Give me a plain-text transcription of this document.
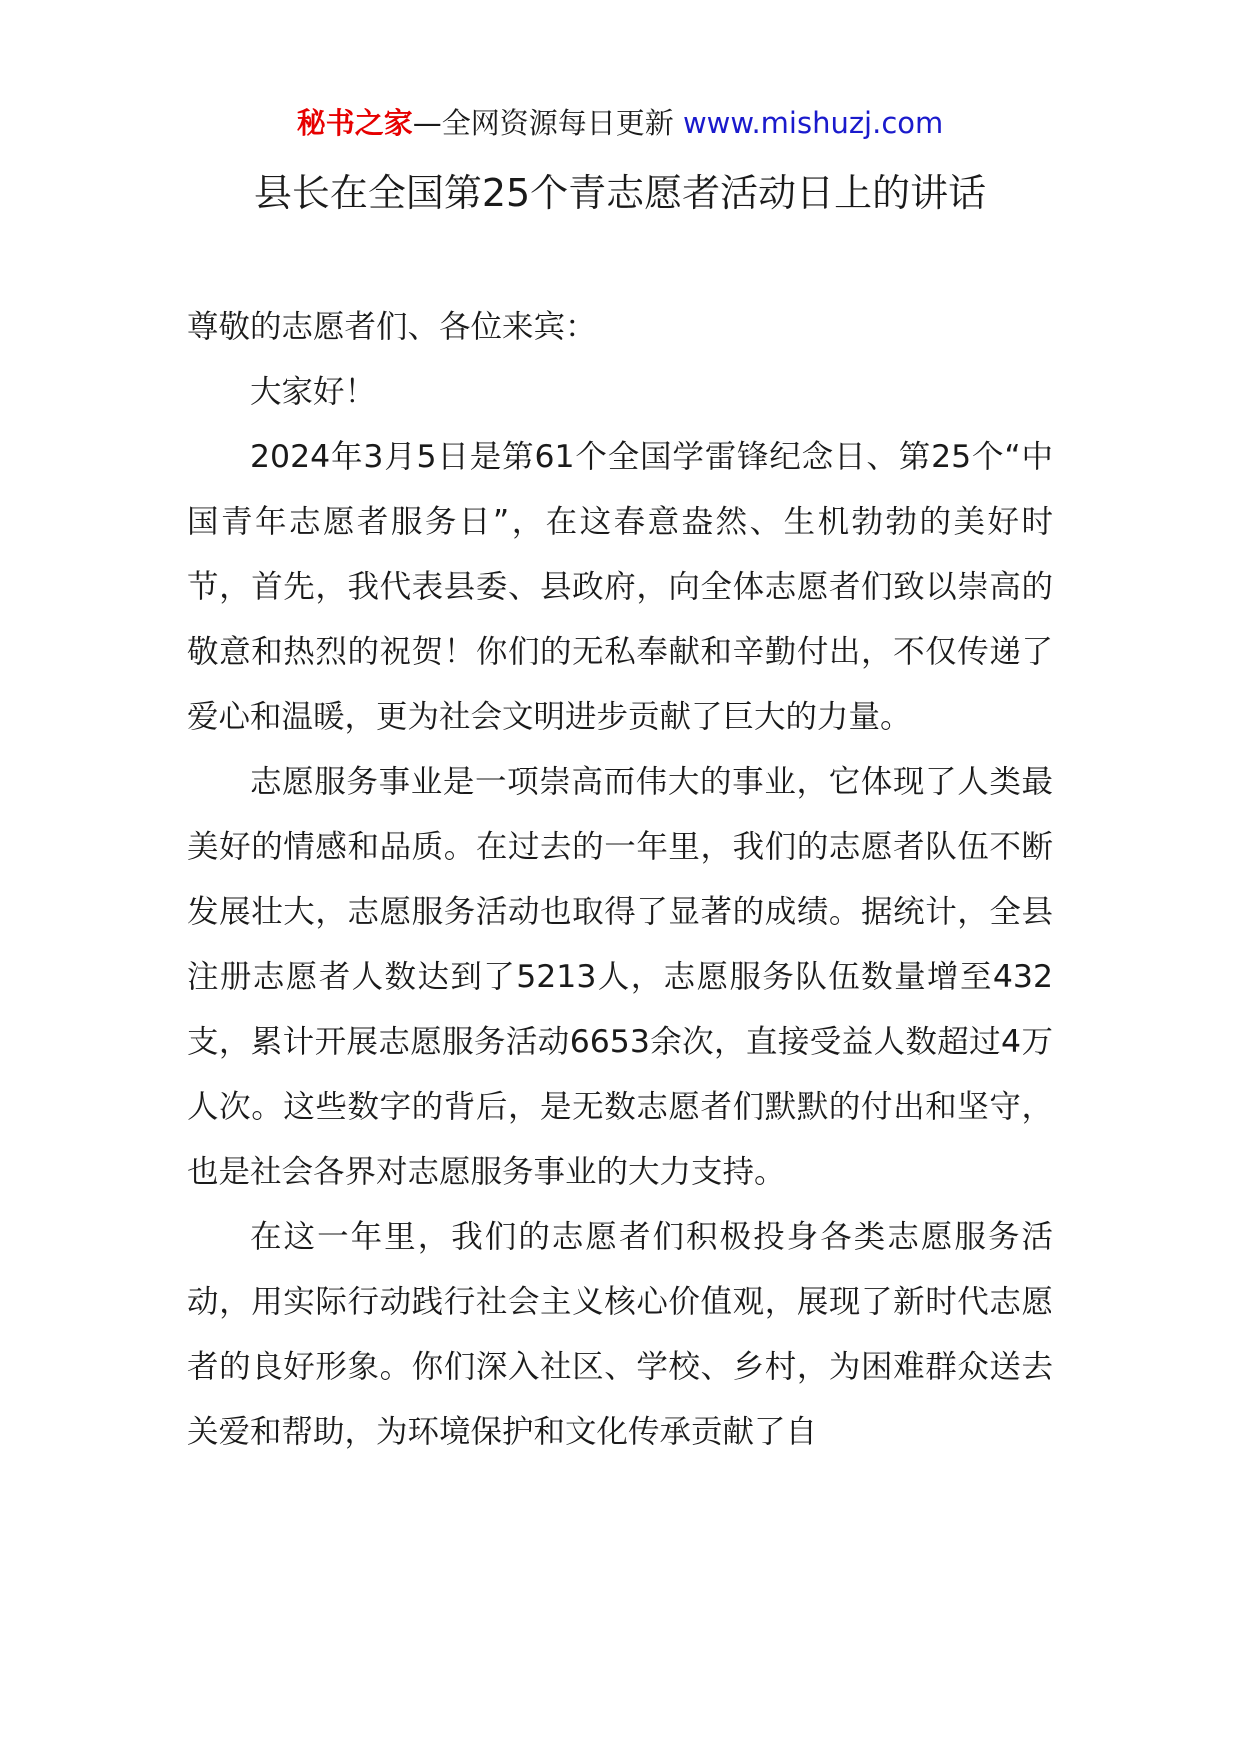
秘书之家—全网资源每日更新 www.mishuzj.com
县长在全国第25个青志愿者活动日上的讲话

尊敬的志愿者们、各位来宾：

大家好！

2024年3月5日是第61个全国学雷锋纪念日、第25个“中国青年志愿者服务日”，在这春意盎然、生机勃勃的美好时节，首先，我代表县委、县政府，向全体志愿者们致以崇高的敬意和热烈的祝贺！你们的无私奉献和辛勤付出，不仅传递了爱心和温暖，更为社会文明进步贡献了巨大的力量。

志愿服务事业是一项崇高而伟大的事业，它体现了人类最美好的情感和品质。在过去的一年里，我们的志愿者队伍不断发展壮大，志愿服务活动也取得了显著的成绩。据统计，全县注册志愿者人数达到了5213人，志愿服务队伍数量增至432支，累计开展志愿服务活动6653余次，直接受益人数超过4万人次。这些数字的背后，是无数志愿者们默默的付出和坚守，也是社会各界对志愿服务事业的大力支持。

在这一年里，我们的志愿者们积极投身各类志愿服务活动，用实际行动践行社会主义核心价值观，展现了新时代志愿者的良好形象。你们深入社区、学校、乡村，为困难群众送去关爱和帮助，为环境保护和文化传承贡献了自
